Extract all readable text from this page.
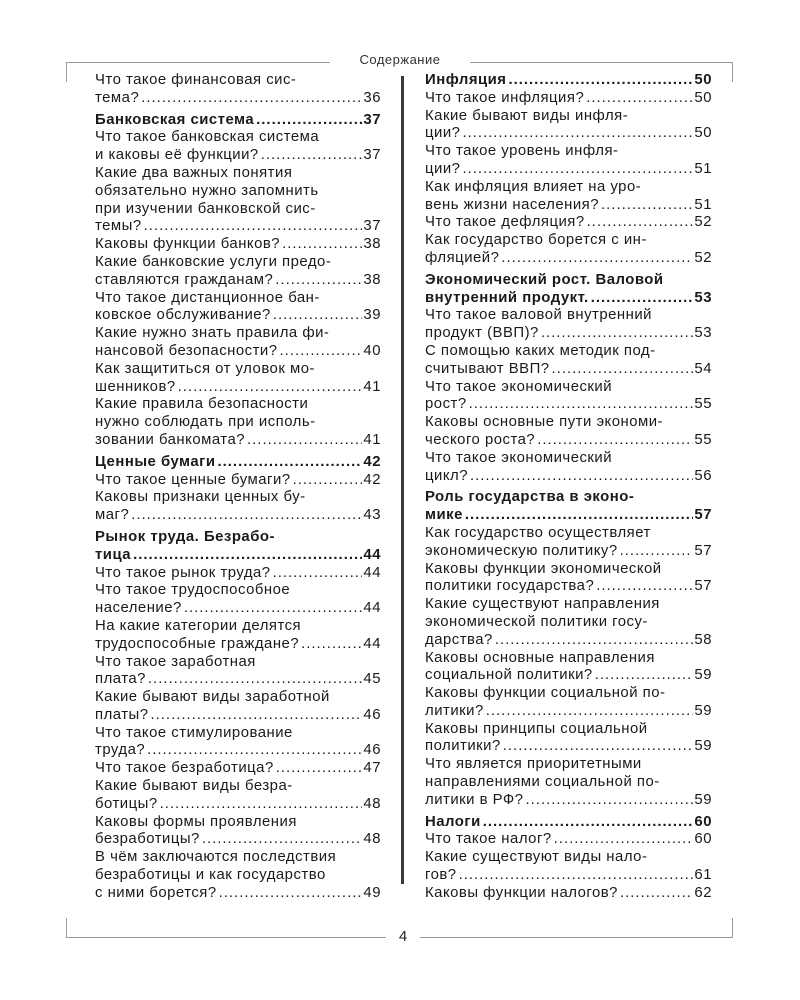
Содержание
Что такое финансовая сис-
тема? .....	36
Банковская система .....	37
Что такое банковская система
и каковы её функции? .....	37
Какие два важных понятия
обязательно нужно запомнить
при изучении банковской сис-
темы? .....	37
Каковы функции банков? .....	38
Какие банковские услуги предо-
ставляются гражданам? .....	38
Что такое дистанционное бан-
ковское обслуживание? .....	39
Какие нужно знать правила фи-
нансовой безопасности? .....	40
Как защититься от уловок мо-
шенников? .....	41
Какие правила безопасности
нужно соблюдать при исполь-
зовании банкомата? .....	41
Ценные бумаги .....	42
Что такое ценные бумаги? .....	42
Каковы признаки ценных бу-
маг? .....	43
Рынок труда. Безрабо-
тица .....	44
Что такое рынок труда? .....	44
Что такое трудоспособное
население? .....	44
На какие категории делятся
трудоспособные граждане? .....	44
Что такое заработная
плата? .....	45
Какие бывают виды заработной
платы? .....	46
Что такое стимулирование
труда? .....	46
Что такое безработица? .....	47
Какие бывают виды безра-
ботицы? .....	48
Каковы формы проявления
безработицы? .....	48
В чём заключаются последствия
безработицы и как государство
с ними борется? .....	49
Инфляция .....	50
Что такое инфляция? .....	50
Какие бывают виды инфля-
ции? .....	50
Что такое уровень инфля-
ции? .....	51
Как инфляция влияет на уро-
вень жизни населения? .....	51
Что такое дефляция? .....	52
Как государство борется с ин-
фляцией? .....	52
Экономический рост. Валовой
внутренний продукт. .....	53
Что такое валовой внутренний
продукт (ВВП)? .....	53
С помощью каких методик под-
считывают ВВП? .....	54
Что такое экономический
рост? .....	55
Каковы основные пути экономи-
ческого роста? .....	55
Что такое экономический
цикл? .....	56
Роль государства в эконо-
мике .....	57
Как государство осуществляет
экономическую политику? .....	57
Каковы функции экономической
политики государства? .....	57
Какие существуют направления
экономической политики госу-
дарства? .....	58
Каковы основные направления
социальной политики? .....	59
Каковы функции социальной по-
литики? .....	59
Каковы принципы социальной
политики? .....	59
Что является приоритетными
направлениями социальной по-
литики в РФ? .....	59
Налоги .....	60
Что такое налог? .....	60
Какие существуют виды нало-
гов? .....	61
Каковы функции налогов? .....	62
4
